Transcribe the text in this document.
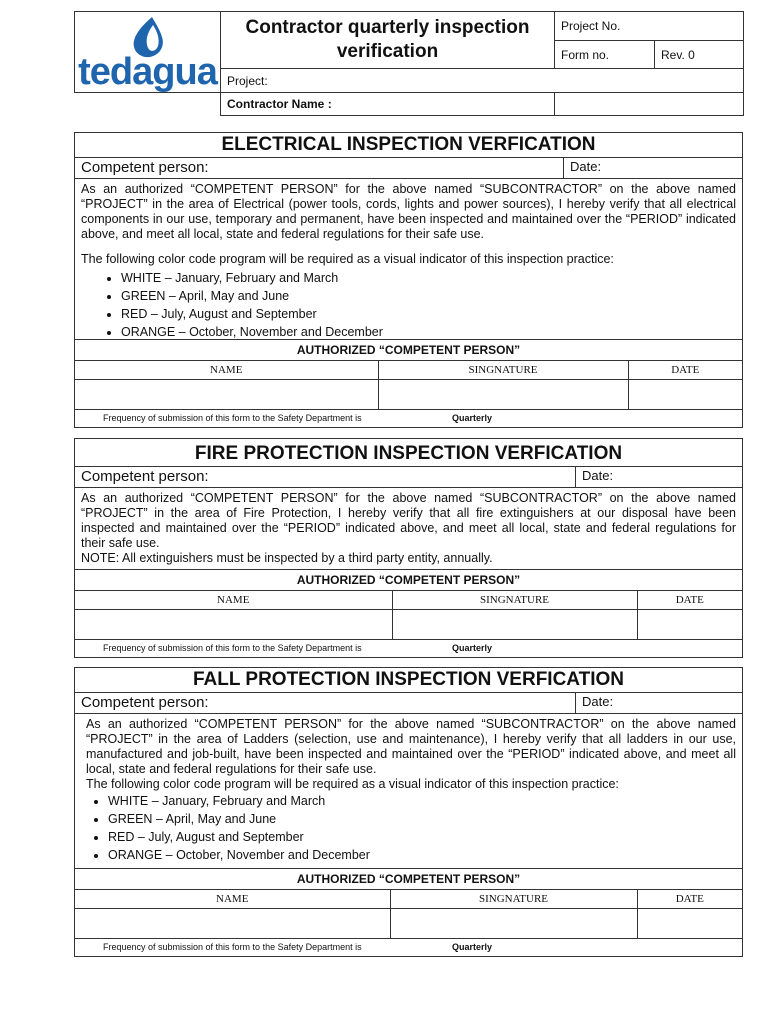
tedagua	Contractor quarterly inspection verification	Project No.	
		Form no.	Rev. 0
	Project:		
	Contractor Name :		
ELECTRICAL INSPECTION VERFICATION
Competent person:	Date:

As an authorized “COMPETENT PERSON” for the above named “SUBCONTRACTOR” on the above named “PROJECT” in the area of Electrical (power tools, cords, lights and power sources), I hereby verify that all electrical components in our use, temporary and permanent, have been inspected and maintained over the “PERIOD” indicated above, and meet all local, state and federal regulations for their safe use.

The following color code program will be required as a visual indicator of this inspection practice:

• WHITE – January, February and March
• GREEN – April, May and June
• RED – July, August and September
• ORANGE – October, November and December
AUTHORIZED “COMPETENT PERSON”
NAME	SINGNATURE	DATE

Frequency of submission of this form to the Safety Department is	Quarterly
FIRE PROTECTION INSPECTION VERFICATION
Competent person:	Date:

As an authorized “COMPETENT PERSON” for the above named “SUBCONTRACTOR” on the above named “PROJECT” in the area of Fire Protection, I hereby verify that all fire extinguishers at our disposal have been inspected and maintained over the “PERIOD” indicated above, and meet all local, state and federal regulations for their safe use.

NOTE: All extinguishers must be inspected by a third party entity, annually.

AUTHORIZED “COMPETENT PERSON”
NAME	SINGNATURE	DATE

Frequency of submission of this form to the Safety Department is	Quarterly
FALL PROTECTION INSPECTION VERFICATION
Competent person:	Date:

As an authorized “COMPETENT PERSON” for the above named “SUBCONTRACTOR” on the above named “PROJECT” in the area of Ladders (selection, use and maintenance), I hereby verify that all ladders in our use, manufactured and job-built, have been inspected and maintained over the “PERIOD” indicated above, and meet all local, state and federal regulations for their safe use.

The following color code program will be required as a visual indicator of this inspection practice:

• WHITE – January, February and March
• GREEN – April, May and June
• RED – July, August and September
• ORANGE – October, November and December
AUTHORIZED “COMPETENT PERSON”
NAME	SINGNATURE	DATE

Frequency of submission of this form to the Safety Department is	Quarterly
